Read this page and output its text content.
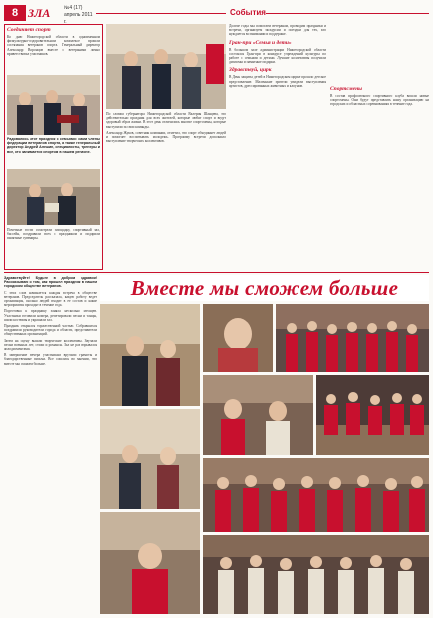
8 ЗЛА	№4 (17) апрель 2011 г.
События
Соединяет спорт
Ко дню Нижегородской области в одноименном физкультурно-оздоровительном комплексе прошли состязания ветеранов спорта. Генеральный директор Александр Воронцов вместе с ветеранами лично приветствовал участников.
Радовались этот праздник с семьями: сами члены федерации ветеранов спорта, а также генеральный директор Андрей Алешин, специалисты, тренеры и все, кто занимается спортом в нашем регионе.
Почетные гости осмотрели площадку, спортивный зал, бассейн, поздравили всех с праздником и подарили памятные сувениры.
По словам губернатора Нижегородской области Валерия Шанцева, это действительно праздник для всех жителей, которые любят спорт и ведут здоровый образ жизни. В этот день отличились многие спортсмены, которые выступили за свои команды.
Александр Жуков, советник компании, отметил, что спорт объединяет людей и помогает воспитывать молодежь. Программу встречи дополнило выступление творческих коллективов.
Долгие годы мы помогаем ветеранам, проводим праздники и встречи, организуем экскурсии и поездки для тех, кто нуждается во внимании и поддержке.
Гран-при «Семья и дети»
В большом зале администрации Нижегородской области состоялся Гран-при в конкурсе учреждений культуры по работе с семьями и детьми. Лучшие коллективы получили дипломы и памятные подарки.
Здравствуй, цирк
В День защиты детей в Нижегородском цирке прошло детское представление. Маленькие зрители увидели выступления артистов, дрессированных животных и клоунов.
Спортсмены
В состав профсоюзного спортивного клуба вошли новые спортсмены. Они будут представлять нашу организацию на городских и областных соревнованиях в течение года.
Здравствуйте! Будьте в добром здравии! Рассказываю о том, как прошел праздник в нашем городском обществе ветеранов.
С этих слов начинается каждая встреча в обществе ветеранов. Председатель рассказала, какую работу ведет организация, сколько людей входит в ее состав и какие мероприятия проходят в течение года.
Подготовка к празднику заняла несколько месяцев. Участники готовили номера, репетировали песни и танцы, шили костюмы и украшали зал.
Праздник открылся торжественной частью. Собравшихся поздравили руководители города и области, представители общественных организаций.
Затем на сцену вышли творческие коллективы. Звучали песни военных лет, стихи и романсы. Зал не раз взрывался аплодисментами.
В завершение вечера участникам вручили грамоты и благодарственные письма. Все сошлись во мнении, что вместе мы сможем больше.
Вместе мы сможем больше
